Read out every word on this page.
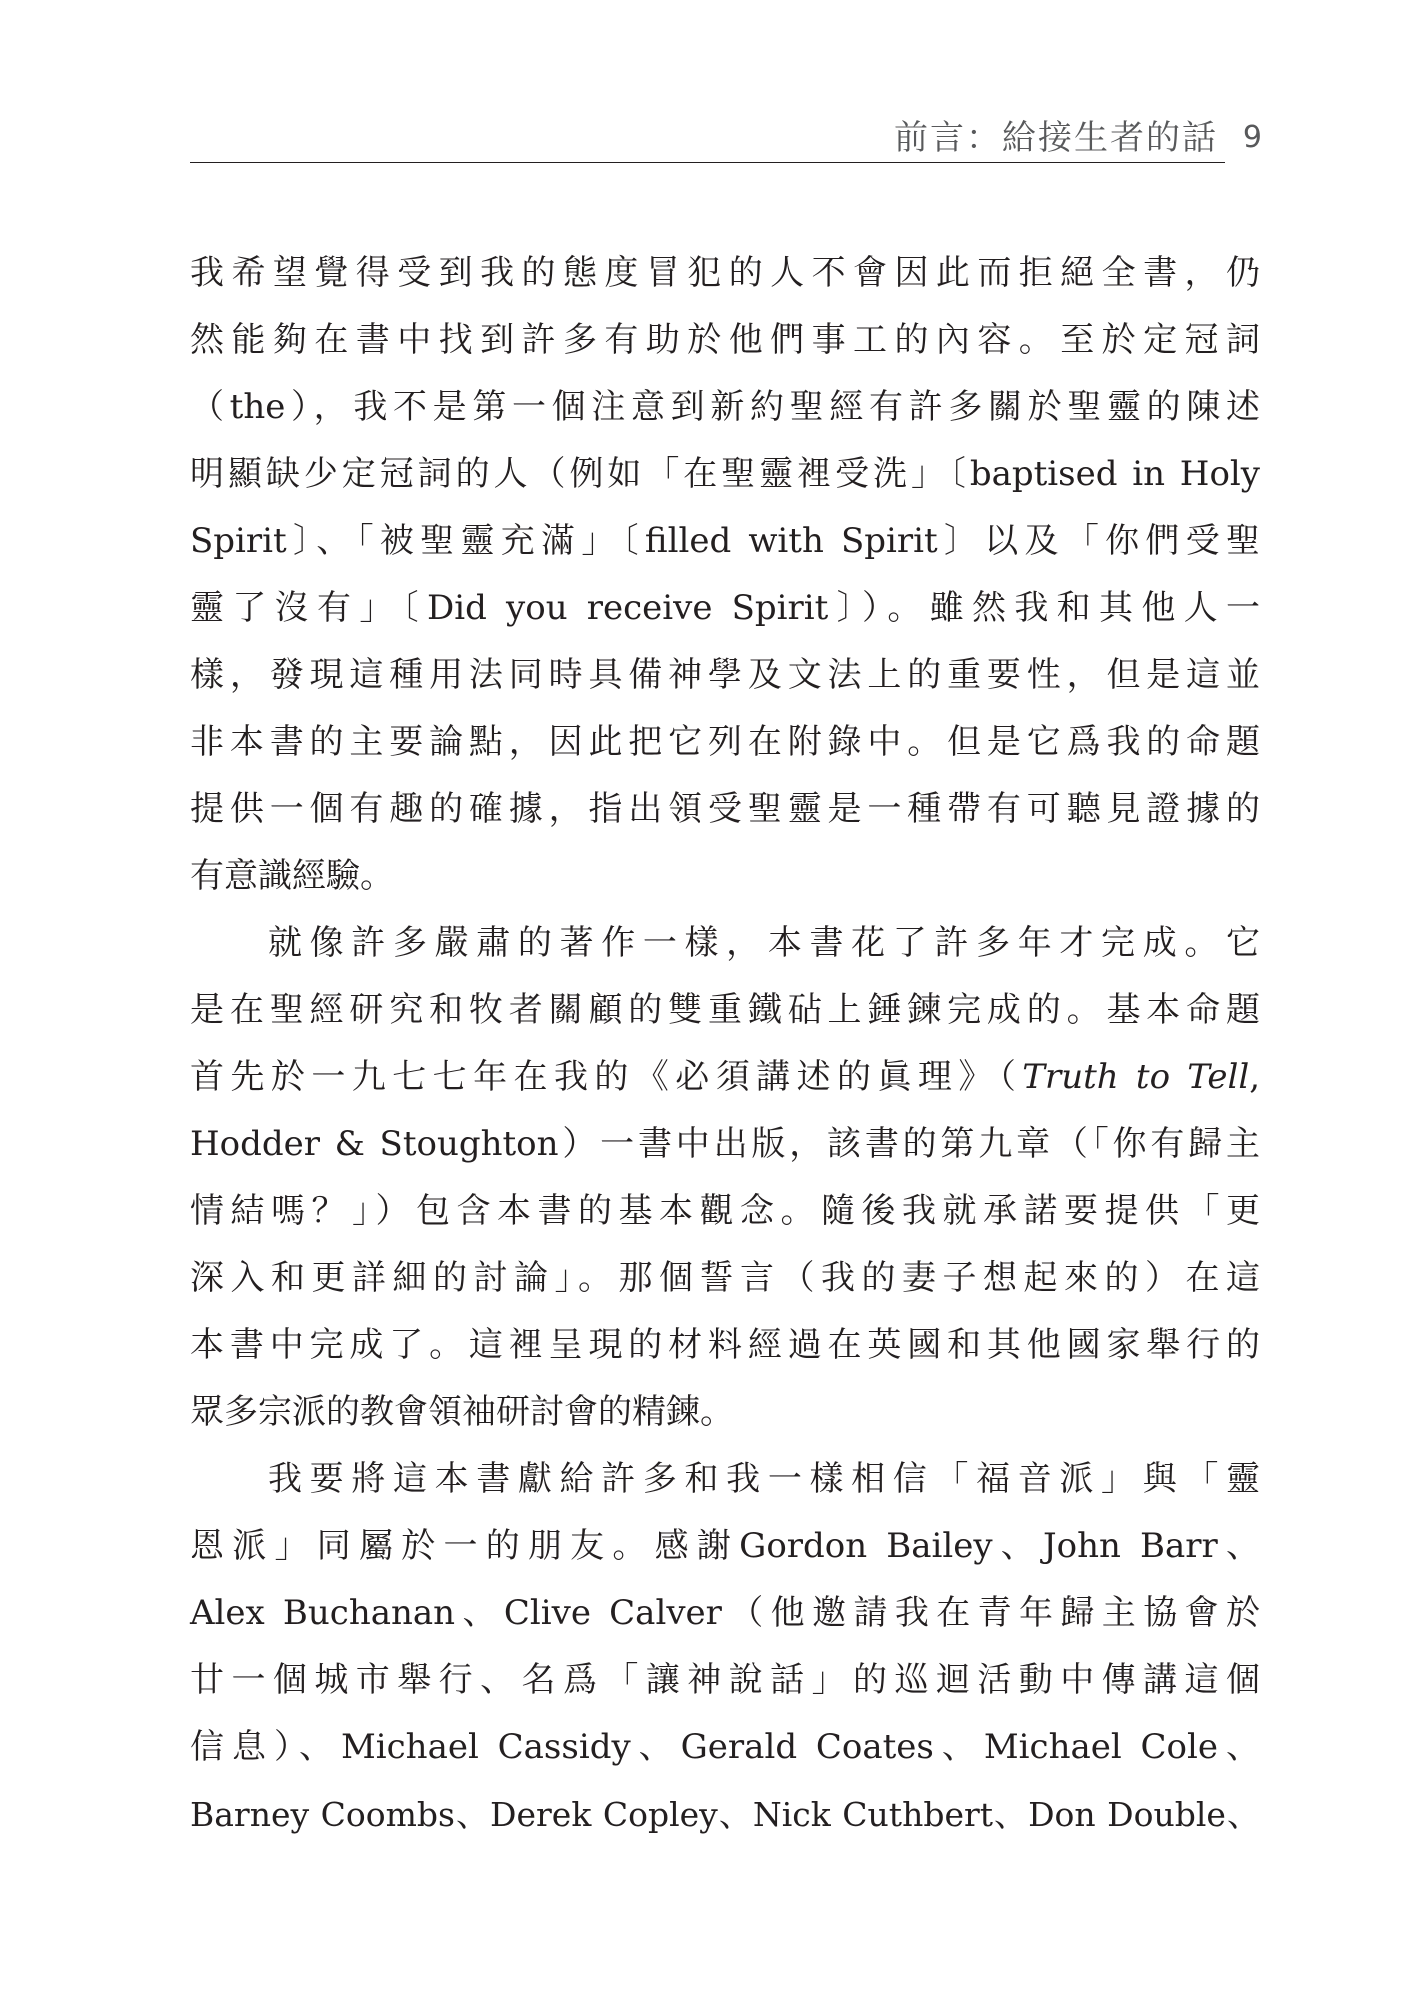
前言：給接生者的話 9
我希望覺得受到我的態度冒犯的人不會因此而拒絕全書，仍
然能夠在書中找到許多有助於他們事工的內容。至於定冠詞
（the），我不是第一個注意到新約聖經有許多關於聖靈的陳述
明顯缺少定冠詞的人（例如「在聖靈裡受洗」〔baptised in Holy
Spirit〕、「被聖靈充滿」〔filled with Spirit〕以及「你們受聖
靈了沒有」〔Did you receive Spirit〕）。雖然我和其他人一
樣，發現這種用法同時具備神學及文法上的重要性，但是這並
非本書的主要論點，因此把它列在附錄中。但是它爲我的命題
提供一個有趣的確據，指出領受聖靈是一種帶有可聽見證據的
有意識經驗。
就像許多嚴肅的著作一樣，本書花了許多年才完成。它
是在聖經研究和牧者關顧的雙重鐵砧上錘鍊完成的。基本命題
首先於一九七七年在我的《必須講述的眞理》（Truth to Tell,
Hodder & Stoughton）一書中出版，該書的第九章（「你有歸主
情結嗎？」）包含本書的基本觀念。隨後我就承諾要提供「更
深入和更詳細的討論」。那個誓言（我的妻子想起來的）在這
本書中完成了。這裡呈現的材料經過在英國和其他國家舉行的
眾多宗派的教會領袖研討會的精鍊。
我要將這本書獻給許多和我一樣相信「福音派」與「靈
恩派」同屬於一的朋友。感謝Gordon Bailey、John Barr、
Alex Buchanan、Clive Calver（他邀請我在青年歸主協會於
廿一個城市舉行、名爲「讓神說話」的巡迴活動中傳講這個
信息）、Michael Cassidy、Gerald Coates、Michael Cole、
Barney Coombs、Derek Copley、Nick Cuthbert、Don Double、
